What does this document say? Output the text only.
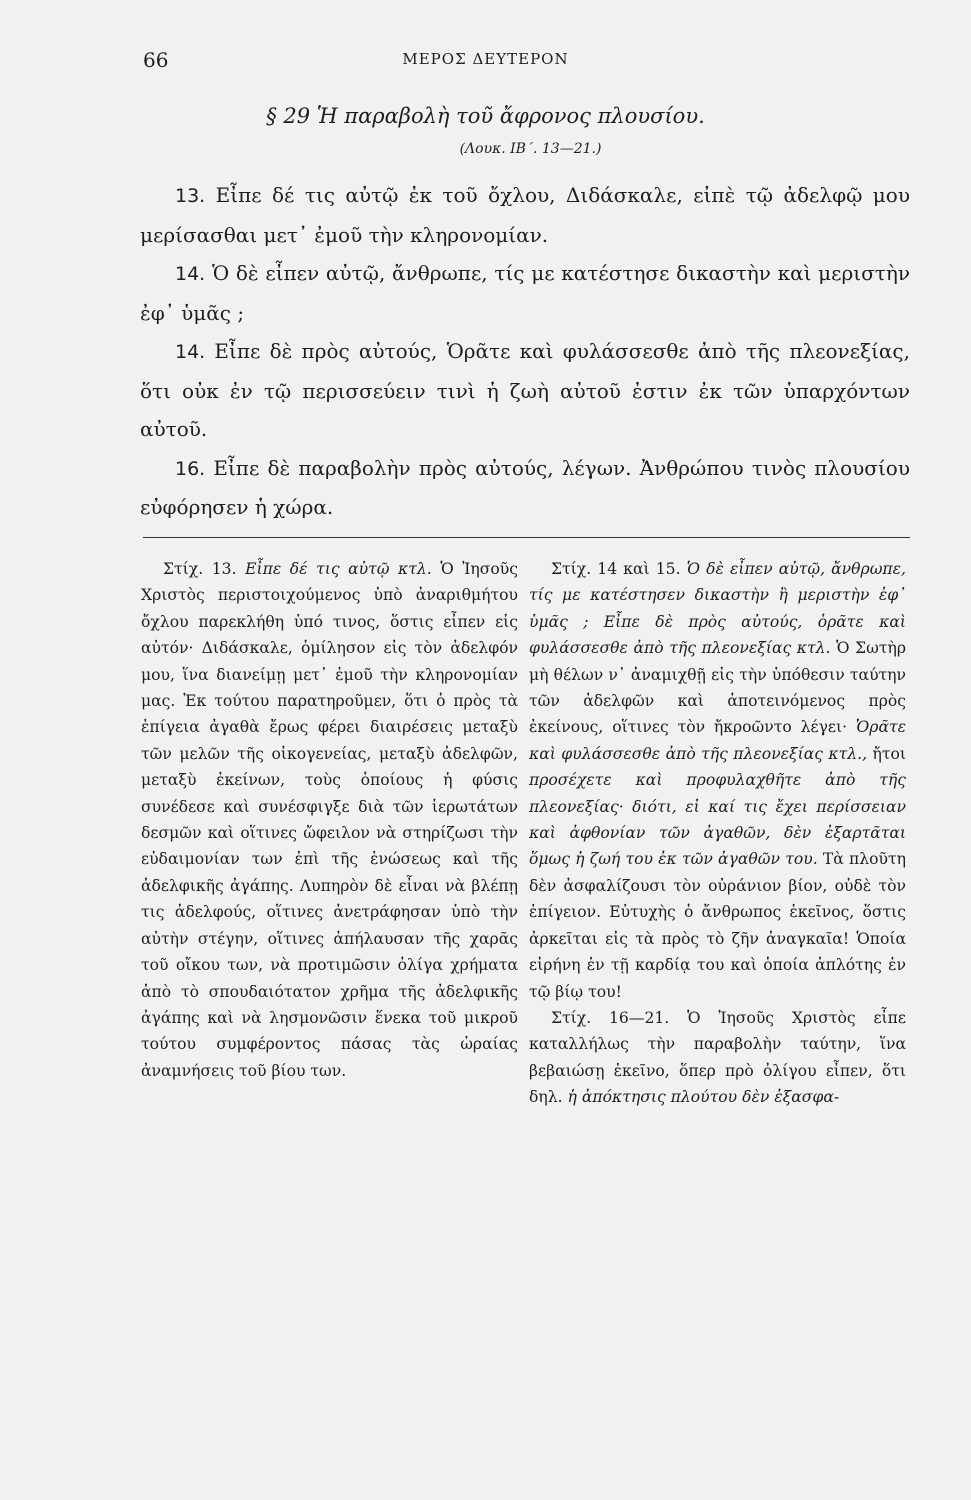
66	ΜΕΡΟΣ ΔΕΥΤΕΡΟΝ
§ 29 Ἡ παραβολὴ τοῦ ἄφρονος πλουσίου.
(Λουκ. ΙΒ΄. 13—21.)

13. Εἶπε δέ τις αὐτῷ ἐκ τοῦ ὄχλου, Διδάσκαλε, εἰπὲ τῷ ἀδελφῷ μου μερίσασθαι μετ᾽ ἐμοῦ τὴν κληρονομίαν.

14. Ὁ δὲ εἶπεν αὐτῷ, ἄνθρωπε, τίς με κατέστησε δικαστὴν καὶ μεριστὴν ἐφ᾽ ὑμᾶς ;

14. Εἶπε δὲ πρὸς αὐτούς, Ὁρᾶτε καὶ φυλάσσεσθε ἀπὸ τῆς πλεονεξίας, ὅτι οὐκ ἐν τῷ περισσεύειν τινὶ ἡ ζωὴ αὐτοῦ ἐστιν ἐκ τῶν ὑπαρχόντων αὐτοῦ.

16. Εἶπε δὲ παραβολὴν πρὸς αὐτούς, λέγων. Ἀνθρώπου τινὸς πλουσίου εὐφόρησεν ἡ χώρα.

Στίχ. 13. Εἶπε δέ τις αὐτῷ κτλ. Ὁ Ἰησοῦς Χριστὸς περιστοιχούμενος ὑπὸ ἀναριθμήτου ὄχλου παρεκλήθη ὑπό τινος, ὅστις εἶπεν εἰς αὐτόν· Διδάσκαλε, ὁμίλησον εἰς τὸν ἀδελφόν μου, ἵνα διανείμῃ μετ᾽ ἐμοῦ τὴν κληρονομίαν μας. Ἐκ τούτου παρατηροῦμεν, ὅτι ὁ πρὸς τὰ ἐπίγεια ἀγαθὰ ἔρως φέρει διαιρέσεις μεταξὺ τῶν μελῶν τῆς οἰκογενείας, μεταξὺ ἀδελφῶν, μεταξὺ ἐκείνων, τοὺς ὁποίους ἡ φύσις συνέδεσε καὶ συνέσφιγξε διὰ τῶν ἱερωτάτων δεσμῶν καὶ οἵτινες ὤφειλον νὰ στηρίζωσι τὴν εὐδαιμονίαν των ἐπὶ τῆς ἑνώσεως καὶ τῆς ἀδελφικῆς ἀγάπης. Λυπηρὸν δὲ εἶναι νὰ βλέπῃ τις ἀδελφούς, οἵτινες ἀνετράφησαν ὑπὸ τὴν αὐτὴν στέγην, οἵτινες ἀπήλαυσαν τῆς χαρᾶς τοῦ οἴκου των, νὰ προτιμῶσιν ὀλίγα χρήματα ἀπὸ τὸ σπουδαιότατον χρῆμα τῆς ἀδελφικῆς ἀγάπης καὶ νὰ λησμονῶσιν ἕνεκα τοῦ μικροῦ τούτου συμφέροντος πάσας τὰς ὡραίας ἀναμνήσεις τοῦ βίου των.

Στίχ. 14 καὶ 15. Ὁ δὲ εἶπεν αὐτῷ, ἄνθρωπε, τίς με κατέστησεν δικαστὴν ἢ μεριστὴν ἐφ᾽ ὑμᾶς ; Εἶπε δὲ πρὸς αὐτούς, ὁρᾶτε καὶ φυλάσσεσθε ἀπὸ τῆς πλεονεξίας κτλ. Ὁ Σωτὴρ μὴ θέλων ν᾽ ἀναμιχθῇ εἰς τὴν ὑπόθεσιν ταύτην τῶν ἀδελφῶν καὶ ἀποτεινόμενος πρὸς ἐκείνους, οἵτινες τὸν ἤκροῶντο λέγει· Ὁρᾶτε καὶ φυλάσσεσθε ἀπὸ τῆς πλεονεξίας κτλ., ἤτοι προσέχετε καὶ προφυλαχθῆτε ἀπὸ τῆς πλεονεξίας· διότι, εἰ καί τις ἔχει περίσσειαν καὶ ἀφθονίαν τῶν ἀγαθῶν, δὲν ἐξαρτᾶται ὅμως ἡ ζωή του ἐκ τῶν ἀγαθῶν του. Τὰ πλοῦτη δὲν ἀσφαλίζουσι τὸν οὐράνιον βίον, οὐδὲ τὸν ἐπίγειον. Εὐτυχὴς ὁ ἄνθρωπος ἐκεῖνος, ὅστις ἀρκεῖται εἰς τὰ πρὸς τὸ ζῆν ἀναγκαῖα! Ὁποία εἰρήνη ἐν τῇ καρδίᾳ του καὶ ὁποία ἁπλότης ἐν τῷ βίῳ του!

Στίχ. 16—21. Ὁ Ἰησοῦς Χριστὸς εἶπε καταλλήλως τὴν παραβολὴν ταύτην, ἵνα βεβαιώσῃ ἐκεῖνο, ὅπερ πρὸ ὀλίγου εἶπεν, ὅτι δηλ. ἡ ἀπόκτησις πλούτου δὲν ἐξασφα-
